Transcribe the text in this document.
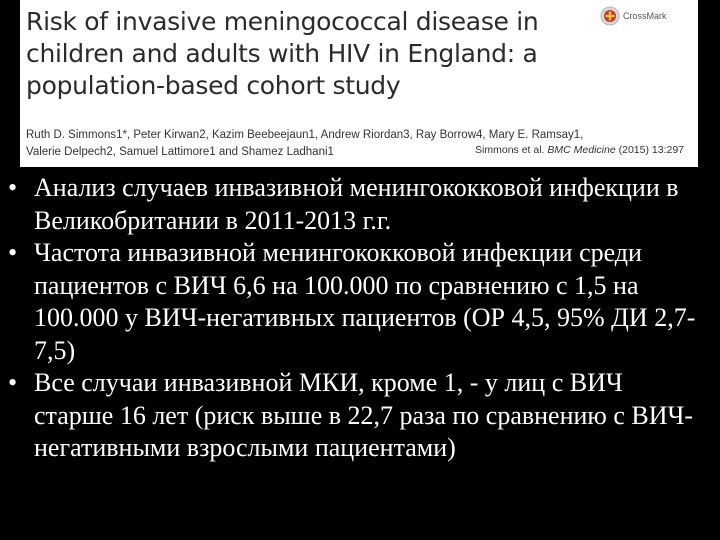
Risk of invasive meningococcal disease in children and adults with HIV in England: a population-based cohort study
CrossMark

Ruth D. Simmons1*, Peter Kirwan2, Kazim Beebeejaun1, Andrew Riordan3, Ray Borrow4, Mary E. Ramsay1,
Valerie Delpech2, Samuel Lattimore1 and Shamez Ladhani1	Simmons et al. BMC Medicine (2015) 13:297
• Анализ случаев инвазивной менингококковой инфекции в Великобритании в 2011-2013 г.г.
• Частота инвазивной менингококковой инфекции среди пациентов с ВИЧ 6,6 на 100.000 по сравнению с 1,5 на 100.000 у ВИЧ-негативных пациентов (ОР 4,5, 95% ДИ 2,7-7,5)
• Все случаи инвазивной МКИ, кроме 1, - у лиц с ВИЧ старше 16 лет (риск выше в 22,7 раза по сравнению с ВИЧ-негативными взрослыми пациентами)
